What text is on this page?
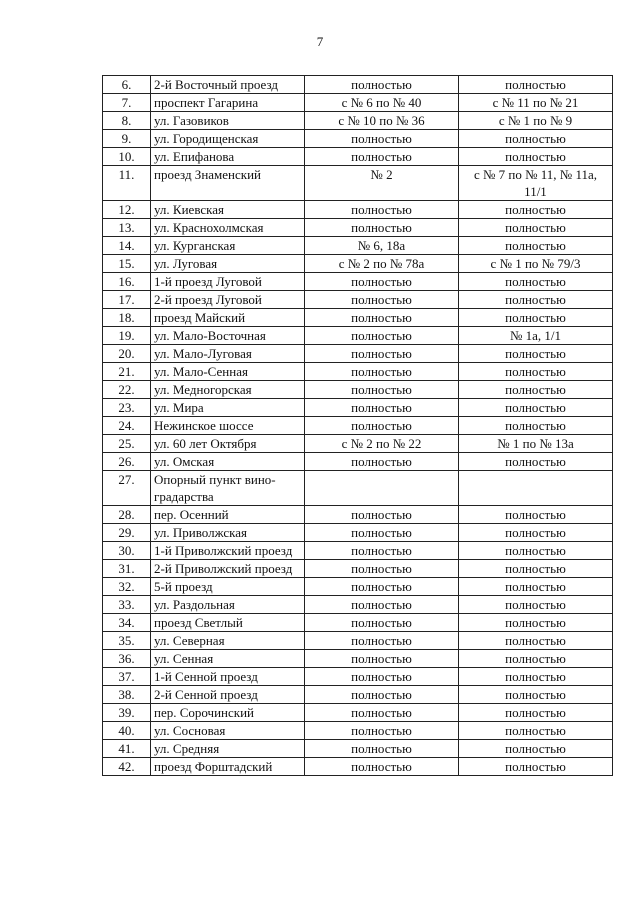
7
6.	2-й Восточный проезд	полностью	полностью
7.	проспект Гагарина	с № 6 по № 40	с № 11 по № 21
8.	ул. Газовиков	с № 10 по № 36	с № 1 по № 9
9.	ул. Городищенская	полностью	полностью
10.	ул. Епифанова	полностью	полностью
11.	проезд Знаменский	№ 2	с № 7 по № 11, № 11а, 11/1
12.	ул. Киевская	полностью	полностью
13.	ул. Краснохолмская	полностью	полностью
14.	ул. Курганская	№ 6, 18а	полностью
15.	ул. Луговая	с № 2 по № 78а	с № 1 по № 79/3
16.	1-й проезд Луговой	полностью	полностью
17.	2-й проезд Луговой	полностью	полностью
18.	проезд Майский	полностью	полностью
19.	ул. Мало-Восточная	полностью	№ 1а, 1/1
20.	ул. Мало-Луговая	полностью	полностью
21.	ул. Мало-Сенная	полностью	полностью
22.	ул. Медногорская	полностью	полностью
23.	ул. Мира	полностью	полностью
24.	Нежинское шоссе	полностью	полностью
25.	ул. 60 лет Октября	с № 2 по № 22	№ 1 по № 13а
26.	ул. Омская	полностью	полностью
27.	Опорный пункт вино-градарства		
28.	пер. Осенний	полностью	полностью
29.	ул. Приволжская	полностью	полностью
30.	1-й Приволжский проезд	полностью	полностью
31.	2-й Приволжский проезд	полностью	полностью
32.	5-й проезд	полностью	полностью
33.	ул. Раздольная	полностью	полностью
34.	проезд Светлый	полностью	полностью
35.	ул. Северная	полностью	полностью
36.	ул. Сенная	полностью	полностью
37.	1-й Сенной проезд	полностью	полностью
38.	2-й Сенной проезд	полностью	полностью
39.	пер. Сорочинский	полностью	полностью
40.	ул. Сосновая	полностью	полностью
41.	ул. Средняя	полностью	полностью
42.	проезд Форштадский	полностью	полностью
